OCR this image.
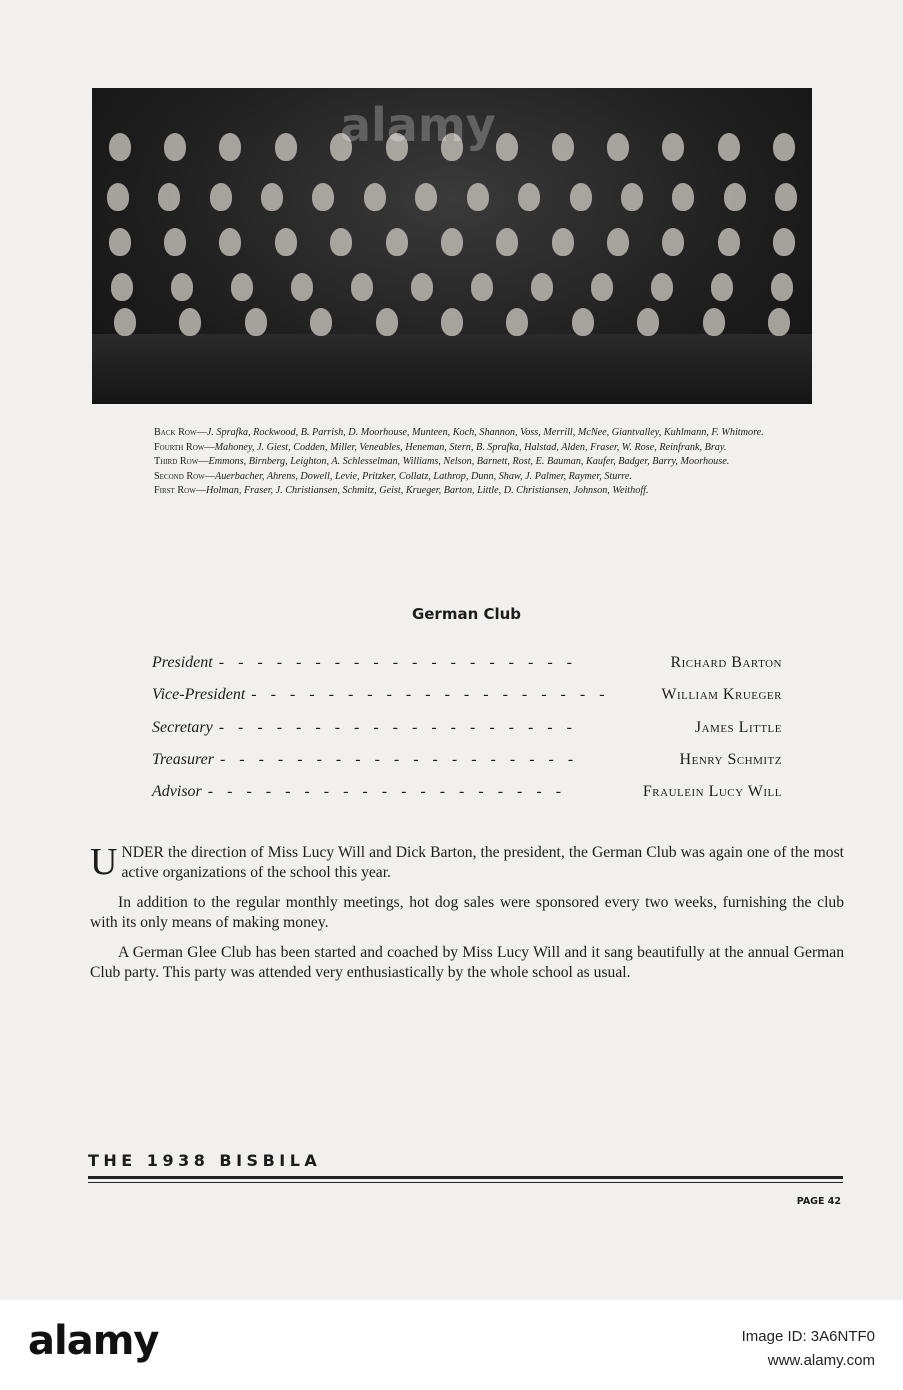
alamy

Back Row—J. Sprafka, Rockwood, B. Parrish, D. Moorhouse, Munteen, Koch, Shannon, Voss, Merrill, McNee, Giantvalley, Kuhlmann, F. Whitmore.

Fourth Row—Mahoney, J. Giest, Codden, Miller, Veneables, Heneman, Stern, B. Sprafka, Halstad, Alden, Fraser, W. Rose, Reinfrank, Bray.

Third Row—Emmons, Birnberg, Leighton, A. Schlesselman, Williams, Nelson, Barnett, Rost, E. Bauman, Kaufer, Badger, Barry, Moorhouse.

Second Row—Auerbacher, Ahrens, Dowell, Levie, Pritzker, Collatz, Lathrop, Dunn, Shaw, J. Palmer, Raymer, Sturre.

First Row—Holman, Fraser, J. Christiansen, Schmitz, Geist, Krueger, Barton, Little, D. Christiansen, Johnson, Weithoff.

German Club
President -------------------	Richard Barton
Vice-President -------------------	William Krueger
Secretary -------------------	James Little
Treasurer -------------------	Henry Schmitz
Advisor -------------------	Fraulein Lucy Will

UNDER the direction of Miss Lucy Will and Dick Barton, the president, the German Club was again one of the most active organizations of the school this year.

In addition to the regular monthly meetings, hot dog sales were sponsored every two weeks, furnishing the club with its only means of making money.

A German Glee Club has been started and coached by Miss Lucy Will and it sang beautifully at the annual German Club party. This party was attended very enthusiastically by the whole school as usual.

THE 1938 BISBILA
PAGE 42
alamy	Image ID: 3A6NTF0
www.alamy.com
